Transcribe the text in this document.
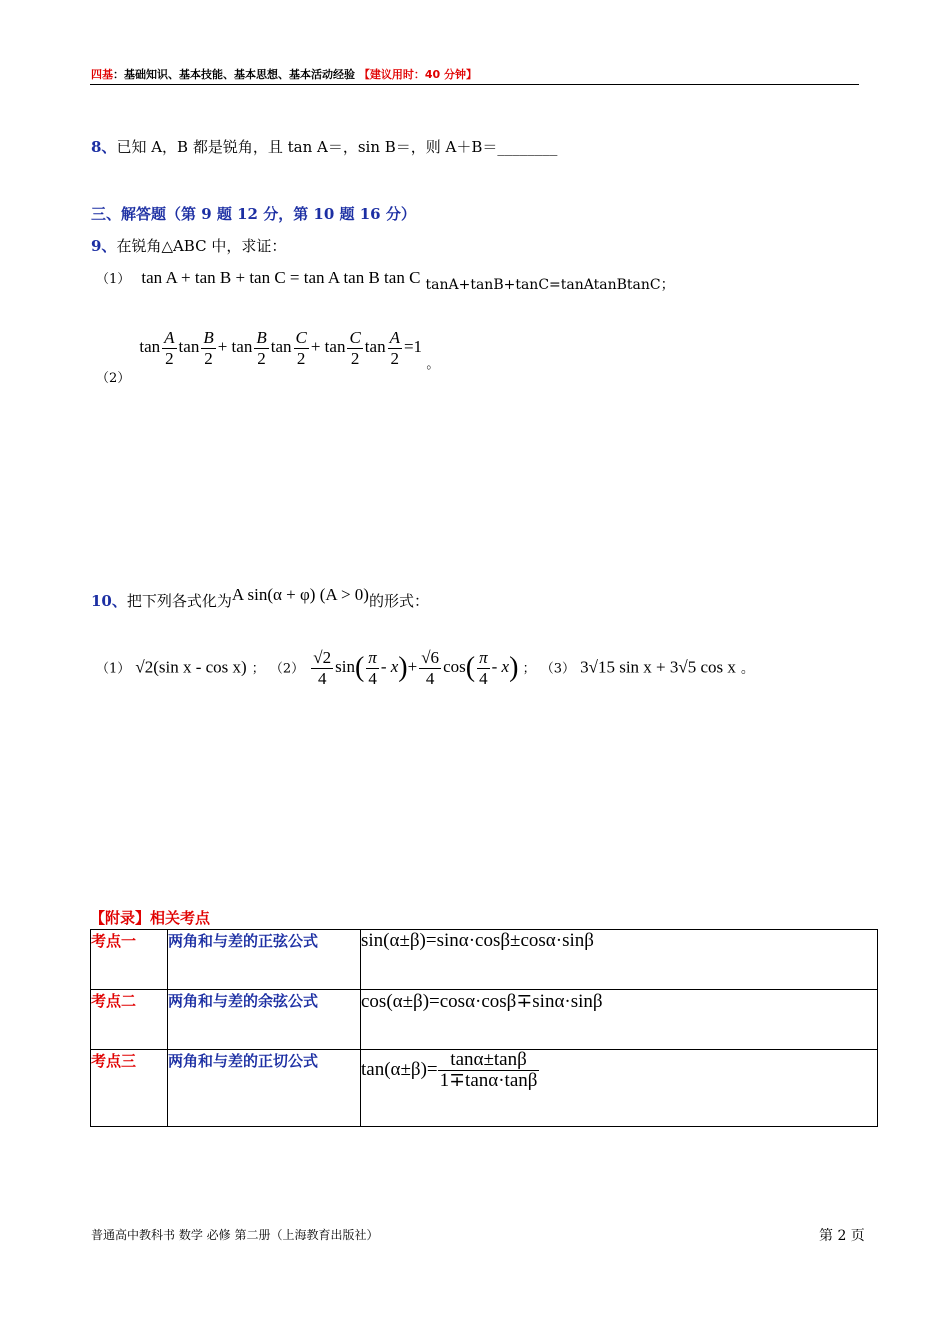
四基：基础知识、基本技能、基本思想、基本活动经验 【建议用时：40 分钟】
8、已知 A，B 都是锐角，且 tan A＝，sin B＝，则 A＋B＝________
三、解答题（第 9 题 12 分，第 10 题 16 分）
9、在锐角△ABC 中，求证：
（1） tan A + tan B + tan C = tan A tan B tan C tanA+tanB+tanC=tanAtanBtanC；
$_{(2)}$ $\tan \frac{A}{2}$ $\tan \frac{B}{2} + \tan \frac{B}{2}$ $\tan \frac{C}{2} + \tan \frac{C}{2}$ $\tan \frac{A}{2} =1$ $_。$
10、把下列各式化为A sin(α + φ) (A > 0)的形式：
（1） √2(sin x - cos x) ； $(2) \frac{√2}{4} \sin( \frac{\pi}{4} - x)+ \frac{√6}{4} \cos( \frac{\pi}{4} - x)$ ； （3） 3√15 sin x + 3√5 cos x 。
【附录】相关考点
考点一	两角和与差的正弦公式	sin(α±β)=sinα·cosβ±cosα·sinβ
考点二	两角和与差的余弦公式	cos(α±β)=cosα·cosβ∓sinα·sinβ
考点三	两角和与差的正切公式	$\tan(\alpha\pm\beta)= \frac{\tan\alpha\pm\tan\beta}{1\mp\tan\alpha\cdot\tan\beta}$
普通高中教科书 数学 必修 第二册（上海教育出版社）	第 2 页
